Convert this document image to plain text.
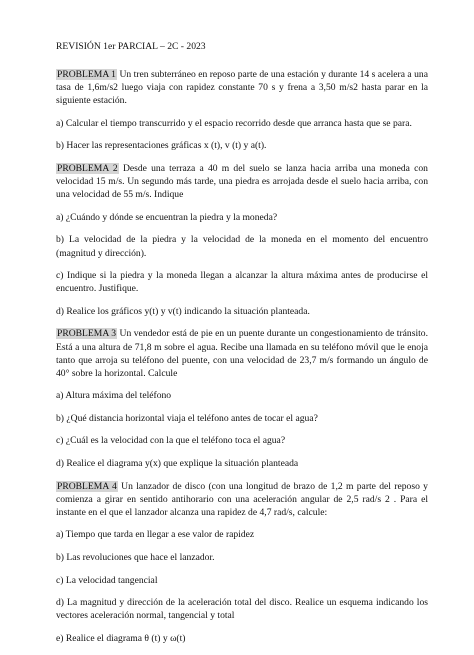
REVISIÓN 1er PARCIAL – 2C - 2023

PROBLEMA 1 Un tren subterráneo en reposo parte de una estación y durante 14 s acelera a una tasa de 1,6m/s2 luego viaja con rapidez constante 70 s y frena a 3,50 m/s2 hasta parar en la siguiente estación.

a) Calcular el tiempo transcurrido y el espacio recorrido desde que arranca hasta que se para.

b) Hacer las representaciones gráficas x (t), v (t) y a(t).

PROBLEMA 2 Desde una terraza a 40 m del suelo se lanza hacia arriba una moneda con velocidad 15 m/s. Un segundo más tarde, una piedra es arrojada desde el suelo hacia arriba, con una velocidad de 55 m/s. Indique

a) ¿Cuándo y dónde se encuentran la piedra y la moneda?

b) La velocidad de la piedra y la velocidad de la moneda en el momento del encuentro (magnitud y dirección).

c) Indique si la piedra y la moneda llegan a alcanzar la altura máxima antes de producirse el encuentro. Justifique.

d) Realice los gráficos y(t) y v(t) indicando la situación planteada.

PROBLEMA 3 Un vendedor está de pie en un puente durante un congestionamiento de tránsito. Está a una altura de 71,8 m sobre el agua. Recibe una llamada en su teléfono móvil que le enoja tanto que arroja su teléfono del puente, con una velocidad de 23,7 m/s formando un ángulo de 40° sobre la horizontal. Calcule

a) Altura máxima del teléfono

b) ¿Qué distancia horizontal viaja el teléfono antes de tocar el agua?

c) ¿Cuál es la velocidad con la que el teléfono toca el agua?

d) Realice el diagrama y(x) que explique la situación planteada

PROBLEMA 4 Un lanzador de disco (con una longitud de brazo de 1,2 m parte del reposo y comienza a girar en sentido antihorario con una aceleración angular de 2,5 rad/s 2 . Para el instante en el que el lanzador alcanza una rapidez de 4,7 rad/s, calcule:

a) Tiempo que tarda en llegar a ese valor de rapidez

b) Las revoluciones que hace el lanzador.

c) La velocidad tangencial

d) La magnitud y dirección de la aceleración total del disco. Realice un esquema indicando los vectores aceleración normal, tangencial y total

e) Realice el diagrama θ (t) y ω(t)
